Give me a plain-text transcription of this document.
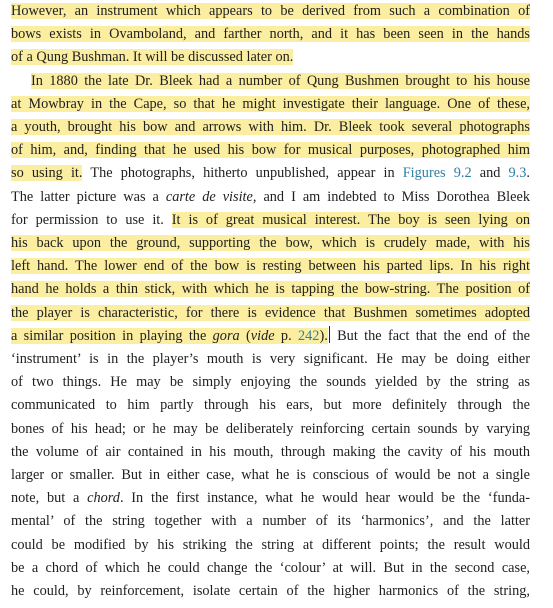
However, an instrument which appears to be derived from such a combination of
bows exists in Ovamboland, and farther north, and it has been seen in the hands
of a Qung Bushman. It will be discussed later on.
In 1880 the late Dr. Bleek had a number of Qung Bushmen brought to his house
at Mowbray in the Cape, so that he might investigate their language. One of these,
a youth, brought his bow and arrows with him. Dr. Bleek took several photographs
of him, and, finding that he used his bow for musical purposes, photographed him
so using it. The photographs, hitherto unpublished, appear in Figures 9.2 and 9.3.
The latter picture was a carte de visite, and I am indebted to Miss Dorothea Bleek
for permission to use it. It is of great musical interest. The boy is seen lying on
his back upon the ground, supporting the bow, which is crudely made, with his
left hand. The lower end of the bow is resting between his parted lips. In his right
hand he holds a thin stick, with which he is tapping the bow-string. The position of
the player is characteristic, for there is evidence that Bushmen sometimes adopted
a similar position in playing the gora (vide p. 242). But the fact that the end of the
‘instrument’ is in the player’s mouth is very significant. He may be doing either
of two things. He may be simply enjoying the sounds yielded by the string as
communicated to him partly through his ears, but more definitely through the
bones of his head; or he may be deliberately reinforcing certain sounds by varying
the volume of air contained in his mouth, through making the cavity of his mouth
larger or smaller. But in either case, what he is conscious of would be not a single
note, but a chord. In the first instance, what he would hear would be the ‘funda-
mental’ of the string together with a number of its ‘harmonics’, and the latter
could be modified by his striking the string at different points; the result would
be a chord of which he could change the ‘colour’ at will. But in the second case,
he could, by reinforcement, isolate certain of the higher harmonics of the string,
